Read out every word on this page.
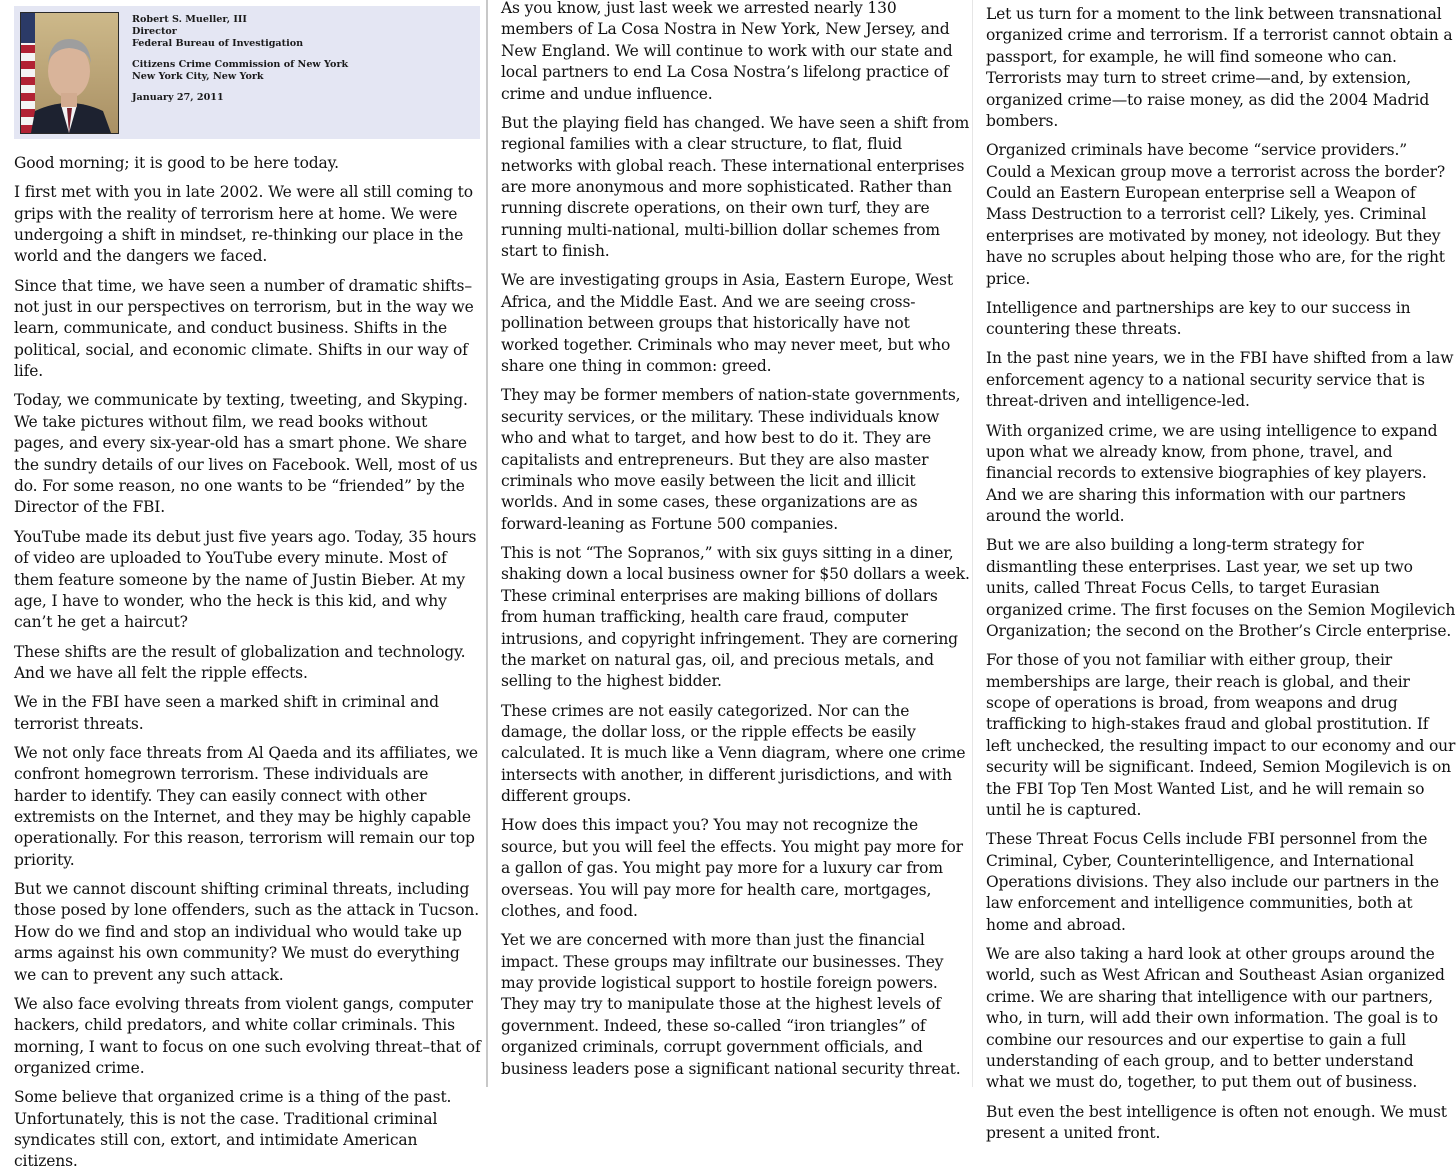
Robert S. Mueller, III
Director
Federal Bureau of Investigation
Citizens Crime Commission of New York
New York City, New York
January 27, 2011

Good morning; it is good to be here today.

I first met with you in late 2002. We were all still coming to grips with the reality of terrorism here at home. We were undergoing a shift in mindset, re-thinking our place in the world and the dangers we faced.

Since that time, we have seen a number of dramatic shifts–not just in our perspectives on terrorism, but in the way we learn, communicate, and conduct business. Shifts in the political, social, and economic climate. Shifts in our way of life.

Today, we communicate by texting, tweeting, and Skyping. We take pictures without film, we read books without pages, and every six-year-old has a smart phone. We share the sundry details of our lives on Facebook. Well, most of us do. For some reason, no one wants to be “friended” by the Director of the FBI.

YouTube made its debut just five years ago. Today, 35 hours of video are uploaded to YouTube every minute. Most of them feature someone by the name of Justin Bieber. At my age, I have to wonder, who the heck is this kid, and why can’t he get a haircut?

These shifts are the result of globalization and technology. And we have all felt the ripple effects.

We in the FBI have seen a marked shift in criminal and terrorist threats.

We not only face threats from Al Qaeda and its affiliates, we confront homegrown terrorism. These individuals are harder to identify. They can easily connect with other extremists on the Internet, and they may be highly capable operationally. For this reason, terrorism will remain our top priority.

But we cannot discount shifting criminal threats, including those posed by lone offenders, such as the attack in Tucson. How do we find and stop an individual who would take up arms against his own community? We must do everything we can to prevent any such attack.

We also face evolving threats from violent gangs, computer hackers, child predators, and white collar criminals. This morning, I want to focus on one such evolving threat–that of organized crime.

Some believe that organized crime is a thing of the past. Unfortunately, this is not the case. Traditional criminal syndicates still con, extort, and intimidate American citizens.

As you know, just last week we arrested nearly 130 members of La Cosa Nostra in New York, New Jersey, and New England. We will continue to work with our state and local partners to end La Cosa Nostra’s lifelong practice of crime and undue influence.

But the playing field has changed. We have seen a shift from regional families with a clear structure, to flat, fluid networks with global reach. These international enterprises are more anonymous and more sophisticated. Rather than running discrete operations, on their own turf, they are running multi-national, multi-billion dollar schemes from start to finish.

We are investigating groups in Asia, Eastern Europe, West Africa, and the Middle East. And we are seeing cross-pollination between groups that historically have not worked together. Criminals who may never meet, but who share one thing in common: greed.

They may be former members of nation-state governments, security services, or the military. These individuals know who and what to target, and how best to do it. They are capitalists and entrepreneurs. But they are also master criminals who move easily between the licit and illicit worlds. And in some cases, these organizations are as forward-leaning as Fortune 500 companies.

This is not “The Sopranos,” with six guys sitting in a diner, shaking down a local business owner for $50 dollars a week. These criminal enterprises are making billions of dollars from human trafficking, health care fraud, computer intrusions, and copyright infringement. They are cornering the market on natural gas, oil, and precious metals, and selling to the highest bidder.

These crimes are not easily categorized. Nor can the damage, the dollar loss, or the ripple effects be easily calculated. It is much like a Venn diagram, where one crime intersects with another, in different jurisdictions, and with different groups.

How does this impact you? You may not recognize the source, but you will feel the effects. You might pay more for a gallon of gas. You might pay more for a luxury car from overseas. You will pay more for health care, mortgages, clothes, and food.

Yet we are concerned with more than just the financial impact. These groups may infiltrate our businesses. They may provide logistical support to hostile foreign powers. They may try to manipulate those at the highest levels of government. Indeed, these so-called “iron triangles” of organized criminals, corrupt government officials, and business leaders pose a significant national security threat.

Let us turn for a moment to the link between transnational organized crime and terrorism. If a terrorist cannot obtain a passport, for example, he will find someone who can. Terrorists may turn to street crime—and, by extension, organized crime—to raise money, as did the 2004 Madrid bombers.

Organized criminals have become “service providers.” Could a Mexican group move a terrorist across the border? Could an Eastern European enterprise sell a Weapon of Mass Destruction to a terrorist cell? Likely, yes. Criminal enterprises are motivated by money, not ideology. But they have no scruples about helping those who are, for the right price.

Intelligence and partnerships are key to our success in countering these threats.

In the past nine years, we in the FBI have shifted from a law enforcement agency to a national security service that is threat-driven and intelligence-led.

With organized crime, we are using intelligence to expand upon what we already know, from phone, travel, and financial records to extensive biographies of key players. And we are sharing this information with our partners around the world.

But we are also building a long-term strategy for dismantling these enterprises. Last year, we set up two units, called Threat Focus Cells, to target Eurasian organized crime. The first focuses on the Semion Mogilevich Organization; the second on the Brother’s Circle enterprise.

For those of you not familiar with either group, their memberships are large, their reach is global, and their scope of operations is broad, from weapons and drug trafficking to high-stakes fraud and global prostitution. If left unchecked, the resulting impact to our economy and our security will be significant. Indeed, Semion Mogilevich is on the FBI Top Ten Most Wanted List, and he will remain so until he is captured.

These Threat Focus Cells include FBI personnel from the Criminal, Cyber, Counterintelligence, and International Operations divisions. They also include our partners in the law enforcement and intelligence communities, both at home and abroad.

We are also taking a hard look at other groups around the world, such as West African and Southeast Asian organized crime. We are sharing that intelligence with our partners, who, in turn, will add their own information. The goal is to combine our resources and our expertise to gain a full understanding of each group, and to better understand what we must do, together, to put them out of business.

But even the best intelligence is often not enough. We must present a united front.
